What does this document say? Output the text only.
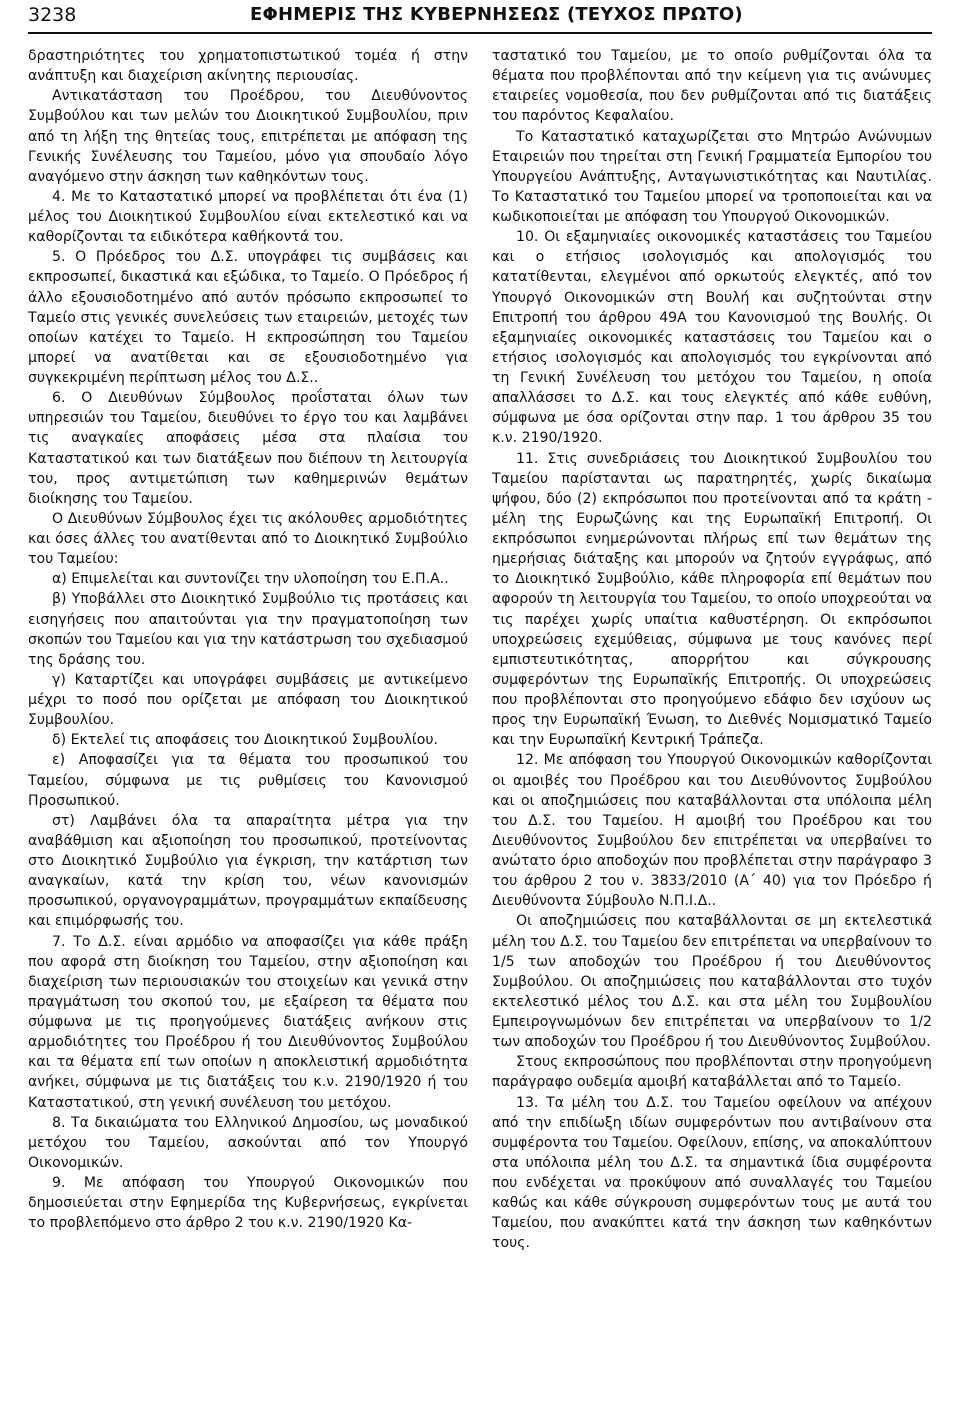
3238	ΕΦΗΜΕΡΙΣ ΤΗΣ ΚΥΒΕΡΝΗΣΕΩΣ (ΤΕΥΧΟΣ ΠΡΩΤΟ)

δραστηριότητες του χρηματοπιστωτικού τομέα ή στην ανάπτυξη και διαχείριση ακίνητης περιουσίας.

Αντικατάσταση του Προέδρου, του Διευθύνοντος Συμβούλου και των μελών του Διοικητικού Συμβουλίου, πριν από τη λήξη της θητείας τους, επιτρέπεται με απόφαση της Γενικής Συνέλευσης του Ταμείου, μόνο για σπουδαίο λόγο αναγόμενο στην άσκηση των καθηκόντων τους.

4. Με το Καταστατικό μπορεί να προβλέπεται ότι ένα (1) μέλος του Διοικητικού Συμβουλίου είναι εκτελεστικό και να καθορίζονται τα ειδικότερα καθήκοντά του.

5. Ο Πρόεδρος του Δ.Σ. υπογράφει τις συμβάσεις και εκπροσωπεί, δικαστικά και εξώδικα, το Ταμείο. Ο Πρόεδρος ή άλλο εξουσιοδοτημένο από αυτόν πρόσωπο εκπροσωπεί το Ταμείο στις γενικές συνελεύσεις των εταιρειών, μετοχές των οποίων κατέχει το Ταμείο. Η εκπροσώπηση του Ταμείου μπορεί να ανατίθεται και σε εξουσιοδοτημένο για συγκεκριμένη περίπτωση μέλος του Δ.Σ..

6. Ο Διευθύνων Σύμβουλος προΐσταται όλων των υπηρεσιών του Ταμείου, διευθύνει το έργο του και λαμβάνει τις αναγκαίες αποφάσεις μέσα στα πλαίσια του Καταστατικού και των διατάξεων που διέπουν τη λειτουργία του, προς αντιμετώπιση των καθημερινών θεμάτων διοίκησης του Ταμείου.

Ο Διευθύνων Σύμβουλος έχει τις ακόλουθες αρμοδιότητες και όσες άλλες του ανατίθενται από το Διοικητικό Συμβούλιο του Ταμείου:

α) Επιμελείται και συντονίζει την υλοποίηση του Ε.Π.Α..

β) Υποβάλλει στο Διοικητικό Συμβούλιο τις προτάσεις και εισηγήσεις που απαιτούνται για την πραγματοποίηση των σκοπών του Ταμείου και για την κατάστρωση του σχεδιασμού της δράσης του.

γ) Καταρτίζει και υπογράφει συμβάσεις με αντικείμενο μέχρι το ποσό που ορίζεται με απόφαση του Διοικητικού Συμβουλίου.

δ) Εκτελεί τις αποφάσεις του Διοικητικού Συμβουλίου.

ε) Αποφασίζει για τα θέματα του προσωπικού του Ταμείου, σύμφωνα με τις ρυθμίσεις του Κανονισμού Προσωπικού.

στ) Λαμβάνει όλα τα απαραίτητα μέτρα για την αναβάθμιση και αξιοποίηση του προσωπικού, προτείνοντας στο Διοικητικό Συμβούλιο για έγκριση, την κατάρτιση των αναγκαίων, κατά την κρίση του, νέων κανονισμών προσωπικού, οργανογραμμάτων, προγραμμάτων εκπαίδευσης και επιμόρφωσής του.

7. Το Δ.Σ. είναι αρμόδιο να αποφασίζει για κάθε πράξη που αφορά στη διοίκηση του Ταμείου, στην αξιοποίηση και διαχείριση των περιουσιακών του στοιχείων και γενικά στην πραγμάτωση του σκοπού του, με εξαίρεση τα θέματα που σύμφωνα με τις προηγούμενες διατάξεις ανήκουν στις αρμοδιότητες του Προέδρου ή του Διευθύνοντος Συμβούλου και τα θέματα επί των οποίων η αποκλειστική αρμοδιότητα ανήκει, σύμφωνα με τις διατάξεις του κ.ν. 2190/1920 ή του Καταστατικού, στη γενική συνέλευση του μετόχου.

8. Τα δικαιώματα του Ελληνικού Δημοσίου, ως μοναδικού μετόχου του Ταμείου, ασκούνται από τον Υπουργό Οικονομικών.

9. Με απόφαση του Υπουργού Οικονομικών που δημοσιεύεται στην Εφημερίδα της Κυβερνήσεως, εγκρίνεται το προβλεπόμενο στο άρθρο 2 του κ.ν. 2190/1920 Κα-

ταστατικό του Ταμείου, με το οποίο ρυθμίζονται όλα τα θέματα που προβλέπονται από την κείμενη για τις ανώνυμες εταιρείες νομοθεσία, που δεν ρυθμίζονται από τις διατάξεις του παρόντος Κεφαλαίου.

Το Καταστατικό καταχωρίζεται στο Μητρώο Ανώνυμων Εταιρειών που τηρείται στη Γενική Γραμματεία Εμπορίου του Υπουργείου Ανάπτυξης, Ανταγωνιστικότητας και Ναυτιλίας. Το Καταστατικό του Ταμείου μπορεί να τροποποιείται και να κωδικοποιείται με απόφαση του Υπουργού Οικονομικών.

10. Οι εξαμηνιαίες οικονομικές καταστάσεις του Ταμείου και ο ετήσιος ισολογισμός και απολογισμός του κατατίθενται, ελεγμένοι από ορκωτούς ελεγκτές, από τον Υπουργό Οικονομικών στη Βουλή και συζητούνται στην Επιτροπή του άρθρου 49Α του Κανονισμού της Βουλής. Οι εξαμηνιαίες οικονομικές καταστάσεις του Ταμείου και ο ετήσιος ισολογισμός και απολογισμός του εγκρίνονται από τη Γενική Συνέλευση του μετόχου του Ταμείου, η οποία απαλλάσσει το Δ.Σ. και τους ελεγκτές από κάθε ευθύνη, σύμφωνα με όσα ορίζονται στην παρ. 1 του άρθρου 35 του κ.ν. 2190/1920.

11. Στις συνεδριάσεις του Διοικητικού Συμβουλίου του Ταμείου παρίστανται ως παρατηρητές, χωρίς δικαίωμα ψήφου, δύο (2) εκπρόσωποι που προτείνονται από τα κράτη - μέλη της Ευρωζώνης και της Ευρωπαϊκή Επιτροπή. Οι εκπρόσωποι ενημερώνονται πλήρως επί των θεμάτων της ημερήσιας διάταξης και μπορούν να ζητούν εγγράφως, από το Διοικητικό Συμβούλιο, κάθε πληροφορία επί θεμάτων που αφορούν τη λειτουργία του Ταμείου, το οποίο υποχρεούται να τις παρέχει χωρίς υπαίτια καθυστέρηση. Οι εκπρόσωποι υποχρεώσεις εχεμύθειας, σύμφωνα με τους κανόνες περί εμπιστευτικότητας, απορρήτου και σύγκρουσης συμφερόντων της Ευρωπαϊκής Επιτροπής. Οι υποχρεώσεις που προβλέπονται στο προηγούμενο εδάφιο δεν ισχύουν ως προς την Ευρωπαϊκή Ένωση, το Διεθνές Νομισματικό Ταμείο και την Ευρωπαϊκή Κεντρική Τράπεζα.

12. Με απόφαση του Υπουργού Οικονομικών καθορίζονται οι αμοιβές του Προέδρου και του Διευθύνοντος Συμβούλου και οι αποζημιώσεις που καταβάλλονται στα υπόλοιπα μέλη του Δ.Σ. του Ταμείου. Η αμοιβή του Προέδρου και του Διευθύνοντος Συμβούλου δεν επιτρέπεται να υπερβαίνει το ανώτατο όριο αποδοχών που προβλέπεται στην παράγραφο 3 του άρθρου 2 του ν. 3833/2010 (Α΄ 40) για τον Πρόεδρο ή Διευθύνοντα Σύμβουλο Ν.Π.Ι.Δ..

Οι αποζημιώσεις που καταβάλλονται σε μη εκτελεστικά μέλη του Δ.Σ. του Ταμείου δεν επιτρέπεται να υπερβαίνουν το 1/5 των αποδοχών του Προέδρου ή του Διευθύνοντος Συμβούλου. Οι αποζημιώσεις που καταβάλλονται στο τυχόν εκτελεστικό μέλος του Δ.Σ. και στα μέλη του Συμβουλίου Εμπειρογνωμόνων δεν επιτρέπεται να υπερβαίνουν το 1/2 των αποδοχών του Προέδρου ή του Διευθύνοντος Συμβούλου.

Στους εκπροσώπους που προβλέπονται στην προηγούμενη παράγραφο ουδεμία αμοιβή καταβάλλεται από το Ταμείο.

13. Τα μέλη του Δ.Σ. του Ταμείου οφείλουν να απέχουν από την επιδίωξη ιδίων συμφερόντων που αντιβαίνουν στα συμφέροντα του Ταμείου. Οφείλουν, επίσης, να αποκαλύπτουν στα υπόλοιπα μέλη του Δ.Σ. τα σημαντικά ίδια συμφέροντα που ενδέχεται να προκύψουν από συναλλαγές του Ταμείου καθώς και κάθε σύγκρουση συμφερόντων τους με αυτά του Ταμείου, που ανακύπτει κατά την άσκηση των καθηκόντων τους.
